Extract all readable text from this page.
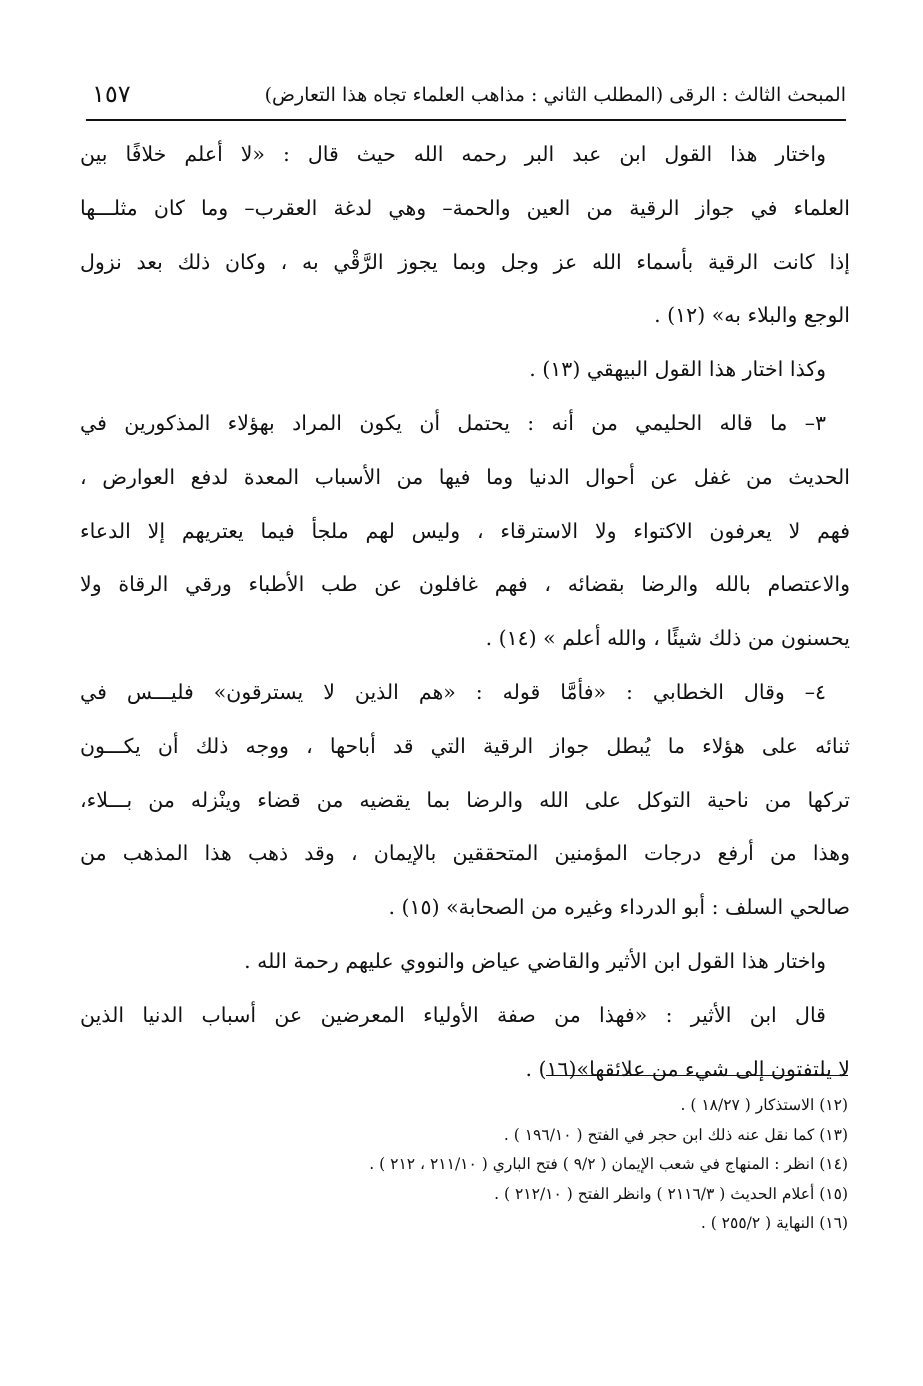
المبحث الثالث : الرقى (المطلب الثاني : مذاهب العلماء تجاه هذا التعارض)
١٥٧
واختار هذا القول ابن عبد البر رحمه الله حيث قال : «لا أعلم خلافًا بين
العلماء في جواز الرقية من العين والحمة– وهي لدغة العقرب– وما كان مثلـــها
إذا كانت الرقية بأسماء الله عز وجل وبما يجوز الرَّقْي به ، وكان ذلك بعد نزول
الوجع والبلاء به» (١٢) .
وكذا اختار هذا القول البيهقي (١٣) .
٣– ما قاله الحليمي من أنه : يحتمل أن يكون المراد بهؤلاء المذكورين في
الحديث من غفل عن أحوال الدنيا وما فيها من الأسباب المعدة لدفع العوارض ،
فهم لا يعرفون الاكتواء ولا الاسترقاء ، وليس لهم ملجأ فيما يعتريهم إلا الدعاء
والاعتصام بالله والرضا بقضائه ، فهم غافلون عن طب الأطباء ورقي الرقاة ولا
يحسنون من ذلك شيئًا ، والله أعلم » (١٤) .
٤– وقال الخطابي : «فأمَّا قوله : «هم الذين لا يسترقون» فليـــس في
ثنائه على هؤلاء ما يُبطل جواز الرقية التي قد أباحها ، ووجه ذلك أن يكـــون
تركها من ناحية التوكل على الله والرضا بما يقضيه من قضاء وينْزله من بـــلاء،
وهذا من أرفع درجات المؤمنين المتحققين بالإيمان ، وقد ذهب هذا المذهب من
صالحي السلف : أبو الدرداء وغيره من الصحابة» (١٥) .
واختار هذا القول ابن الأثير والقاضي عياض والنووي عليهم رحمة الله .
قال ابن الأثير : «فهذا من صفة الأولياء المعرضين عن أسباب الدنيا الذين
لا يلتفتون إلى شيء من علائقها»(١٦) .
(١٢) الاستذكار ( ١٨/٢٧ ) .
(١٣) كما نقل عنه ذلك ابن حجر في الفتح ( ١٩٦/١٠ ) .
(١٤) انظر : المنهاج في شعب الإيمان ( ٩/٢ ) فتح الباري ( ٢١١/١٠ ، ٢١٢ ) .
(١٥) أعلام الحديث ( ٢١١٦/٣ ) وانظر الفتح ( ٢١٢/١٠ ) .
(١٦) النهاية ( ٢٥٥/٢ ) .
